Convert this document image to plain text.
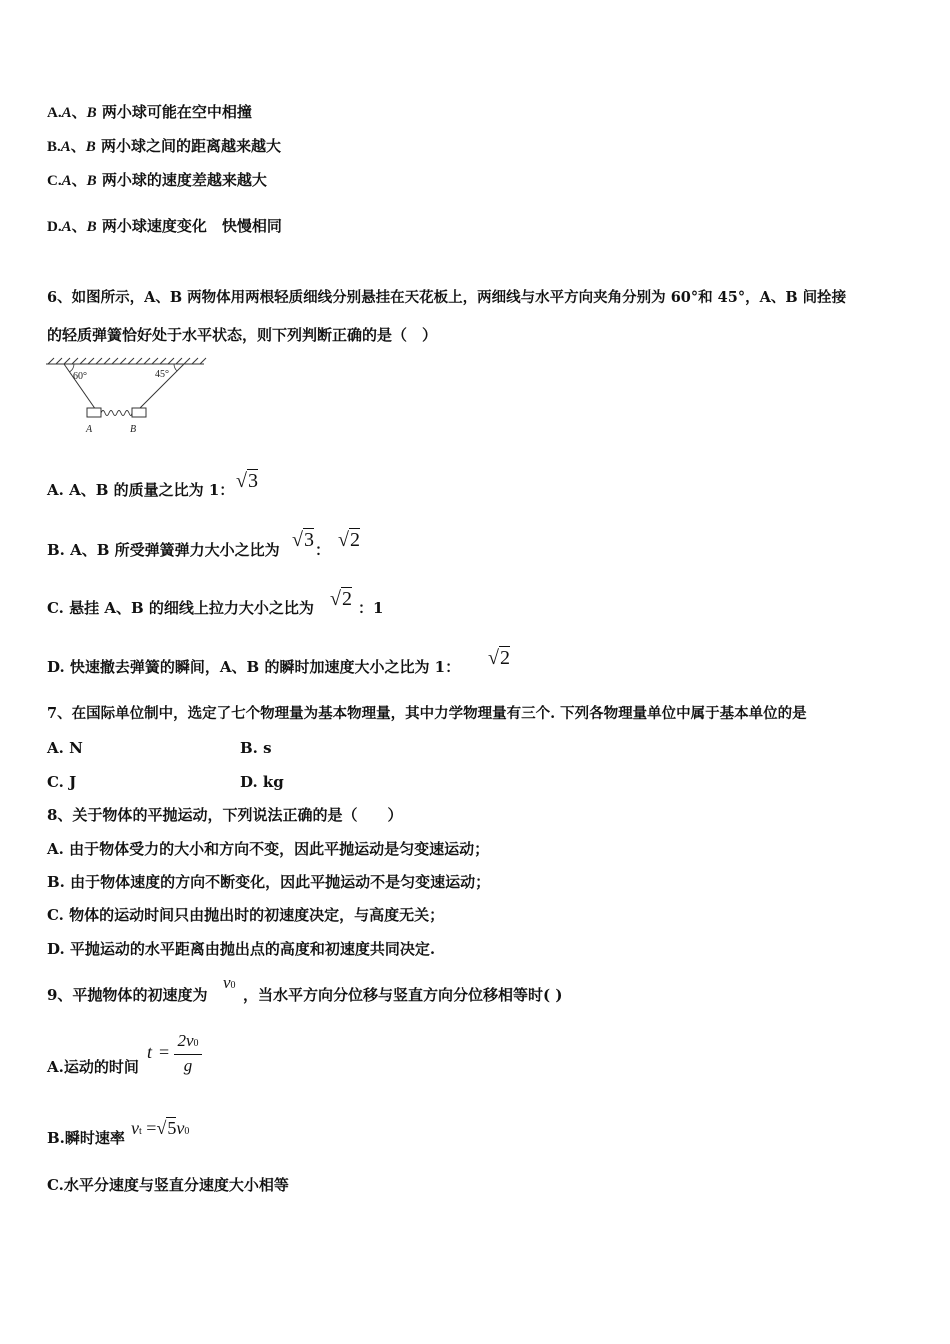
A.A、B 两小球可能在空中相撞
B.A、B 两小球之间的距离越来越大
C.A、B 两小球的速度差越来越大
D.A、B 两小球速度变化　快慢相同
6、如图所示，A、B 两物体用两根轻质细线分别悬挂在天花板上，两细线与水平方向夹角分别为 60°和 45°，A、B 间拴接
的轻质弹簧恰好处于水平状态，则下列判断正确的是（　）
60°	45°
A	B
A. A、B 的质量之比为 1： √3
B. A、B 所受弹簧弹力大小之比为 √3 ： √2
C. 悬挂 A、B 的细线上拉力大小之比为 √2 ：1
D. 快速撤去弹簧的瞬间，A、B 的瞬时加速度大小之比为 1： √2
7、在国际单位制中，选定了七个物理量为基本物理量，其中力学物理量有三个. 下列各物理量单位中属于基本单位的是
A. N	B. s
C. J	D. kg
8、关于物体的平抛运动，下列说法正确的是（　　）
A. 由于物体受力的大小和方向不变，因此平抛运动是匀变速运动；
B. 由于物体速度的方向不断变化，因此平抛运动不是匀变速运动；
C. 物体的运动时间只由抛出时的初速度决定，与高度无关；
D. 平抛运动的水平距离由抛出点的高度和初速度共同决定.
9、平抛物体的初速度为
v0
，当水平方向分位移与竖直方向分位移相等时( )
A.运动的时间
$t = \frac{2v0}{g}$
B.瞬时速率 vt =√5v0
C.水平分速度与竖直分速度大小相等
